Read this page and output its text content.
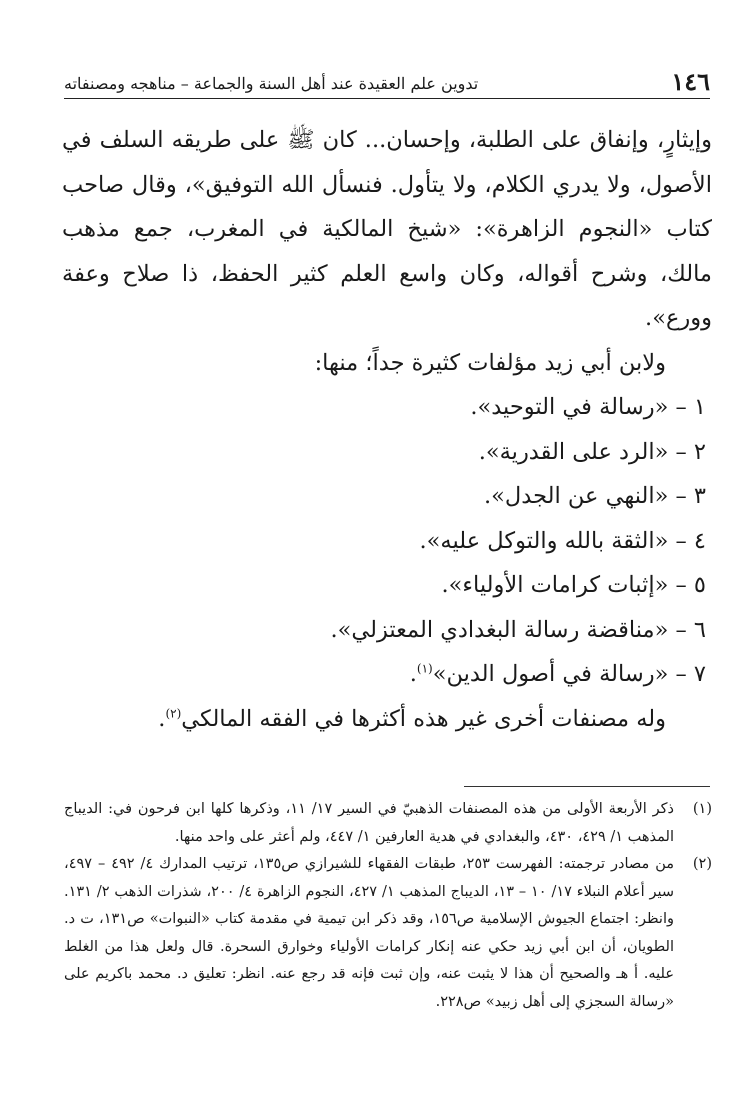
١٤٦
تدوين علم العقيدة عند أهل السنة والجماعة – مناهجه ومصنفاته

وإيثارٍ، وإنفاق على الطلبة، وإحسان... كان ﷺ على طريقه السلف في الأصول، ولا يدري الكلام، ولا يتأول. فنسأل الله التوفيق»، وقال صاحب كتاب «النجوم الزاهرة»: «شيخ المالكية في المغرب، جمع مذهب مالك، وشرح أقواله، وكان واسع العلم كثير الحفظ، ذا صلاح وعفة وورع».

ولابن أبي زيد مؤلفات كثيرة جداً؛ منها:

١ – «رسالة في التوحيد».

٢ – «الرد على القدرية».

٣ – «النهي عن الجدل».

٤ – «الثقة بالله والتوكل عليه».

٥ – «إثبات كرامات الأولياء».

٦ – «مناقضة رسالة البغدادي المعتزلي».

٧ – «رسالة في أصول الدين»$^{(١)}$.

وله مصنفات أخرى غير هذه أكثرها في الفقه المالكي$^{(٢)}$.

(١)
ذكر الأربعة الأولى من هذه المصنفات الذهبيّ في السير ١٧/ ١١، وذكرها كلها ابن فرحون في: الديباج المذهب ١/ ٤٢٩، ٤٣٠، والبغدادي في هدية العارفين ١/ ٤٤٧، ولم أعثر على واحد منها.
(٢)
من مصادر ترجمته: الفهرست ٢٥٣، طبقات الفقهاء للشيرازي ص١٣٥، ترتيب المدارك ٤/ ٤٩٢ – ٤٩٧، سير أعلام النبلاء ١٧/ ١٠ – ١٣، الديباج المذهب ١/ ٤٢٧، النجوم الزاهرة ٤/ ٢٠٠، شذرات الذهب ٢/ ١٣١. وانظر: اجتماع الجيوش الإسلامية ص١٥٦، وقد ذكر ابن تيمية في مقدمة كتاب «النبوات» ص١٣١، ت د. الطويان، أن ابن أبي زيد حكي عنه إنكار كرامات الأولياء وخوارق السحرة. قال ولعل هذا من الغلط عليه. أ هـ والصحيح أن هذا لا يثبت عنه، وإن ثبت فإنه قد رجع عنه. انظر: تعليق د. محمد باكريم على «رسالة السجزي إلى أهل زبيد» ص٢٢٨.
